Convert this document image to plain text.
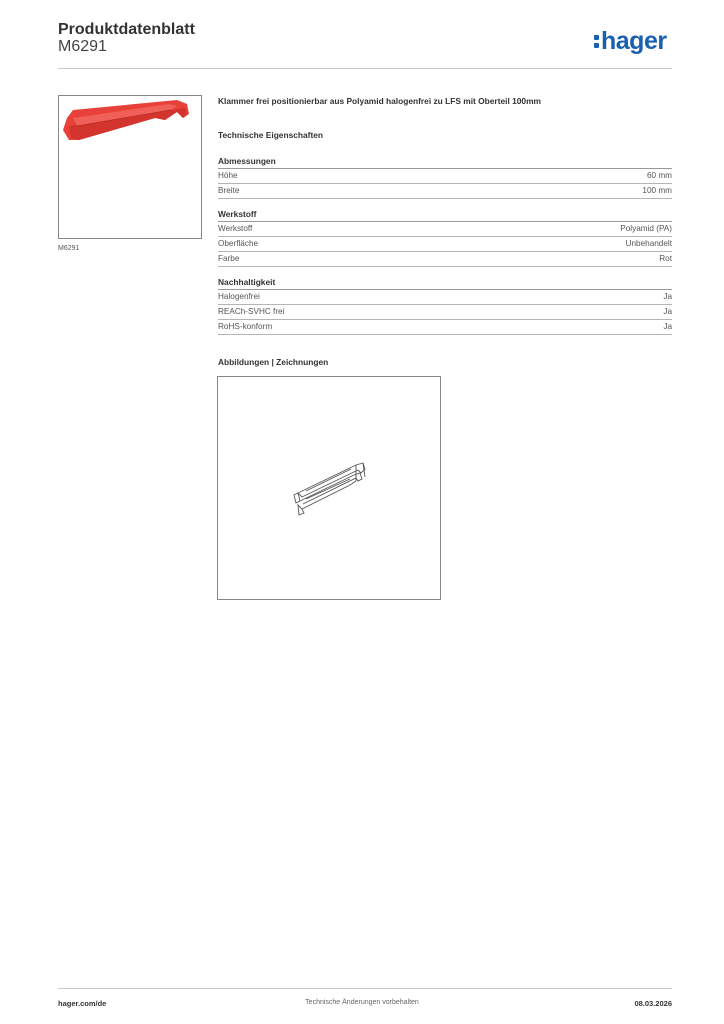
Produktdatenblatt
M6291	hager
M6291
Klammer frei positionierbar aus Polyamid halogenfrei zu LFS mit Oberteil 100mm
Technische Eigenschaften
Abmessungen
Höhe	60 mm
Breite	100 mm
Werkstoff
Werkstoff	Polyamid (PA)
Oberfläche	Unbehandelt
Farbe	Rot
Nachhaltigkeit
Halogenfrei	Ja
REACh-SVHC frei	Ja
RoHS-konform	Ja
Abbildungen | Zeichnungen
hager.com/de	Technische Änderungen vorbehalten	08.03.2026
